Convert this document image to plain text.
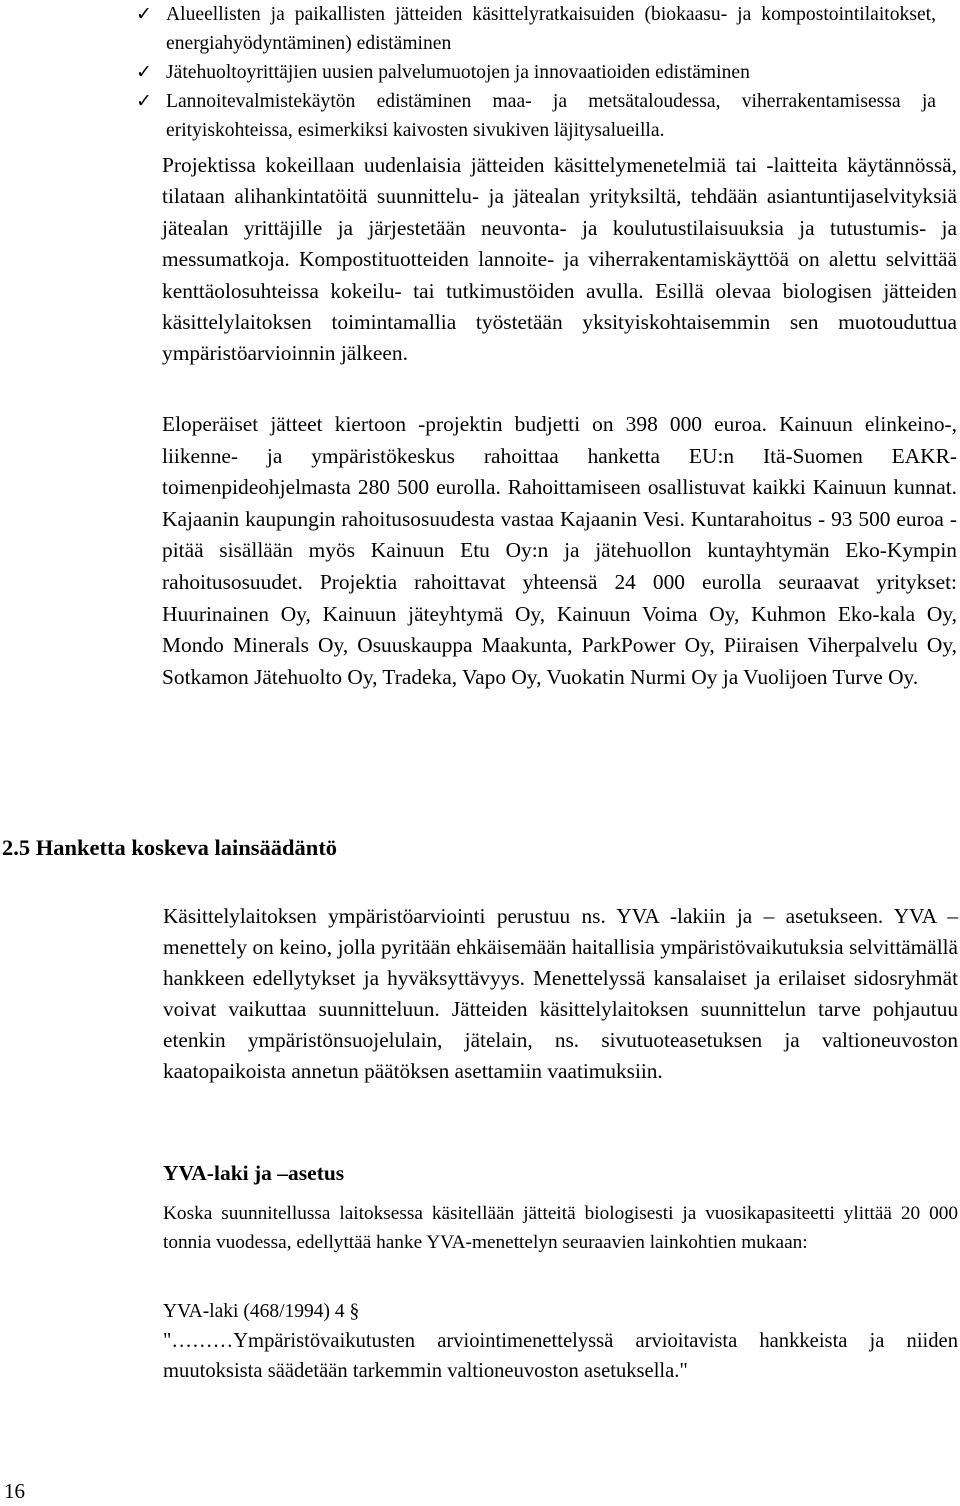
✓ Alueellisten ja paikallisten jätteiden käsittelyratkaisuiden (biokaasu- ja kompostointilaitokset, energiahyödyntäminen) edistäminen
✓ Jätehuoltoyrittäjien uusien palvelumuotojen ja innovaatioiden edistäminen
✓ Lannoitevalmistekäytön edistäminen maa- ja metsätaloudessa, viherrakentamisessa ja erityiskohteissa, esimerkiksi kaivosten sivukiven läjitysalueilla.
Projektissa kokeillaan uudenlaisia jätteiden käsittelymenetelmiä tai -laitteita käytännössä, tilataan alihankintatöitä suunnittelu- ja jätealan yrityksiltä, tehdään asiantuntijaselvityksiä jätealan yrittäjille ja järjestetään neuvonta- ja koulutustilaisuuksia ja tutustumis- ja messumatkoja. Kompostituotteiden lannoite- ja viherrakentamiskäyttöä on alettu selvittää kenttäolosuhteissa kokeilu- tai tutkimustöiden avulla. Esillä olevaa biologisen jätteiden käsittelylaitoksen toimintamallia työstetään yksityiskohtaisemmin sen muotouduttua ympäristöarvioinnin jälkeen.
Eloperäiset jätteet kiertoon -projektin budjetti on 398 000 euroa. Kainuun elinkeino-, liikenne- ja ympäristökeskus rahoittaa hanketta EU:n Itä-Suomen EAKR-toimenpideohjelmasta 280 500 eurolla. Rahoittamiseen osallistuvat kaikki Kainuun kunnat. Kajaanin kaupungin rahoitusosuudesta vastaa Kajaanin Vesi. Kuntarahoitus - 93 500 euroa - pitää sisällään myös Kainuun Etu Oy:n ja jätehuollon kuntayhtymän Eko-Kympin rahoitusosuudet. Projektia rahoittavat yhteensä 24 000 eurolla seuraavat yritykset: Huurinainen Oy, Kainuun jäteyhtymä Oy, Kainuun Voima Oy, Kuhmon Eko-kala Oy, Mondo Minerals Oy, Osuuskauppa Maakunta, ParkPower Oy, Piiraisen Viherpalvelu Oy, Sotkamon Jätehuolto Oy, Tradeka, Vapo Oy, Vuokatin Nurmi Oy ja Vuolijoen Turve Oy.
2.5 Hanketta koskeva lainsäädäntö
Käsittelylaitoksen ympäristöarviointi perustuu ns. YVA -lakiin ja – asetukseen. YVA –menettely on keino, jolla pyritään ehkäisemään haitallisia ympäristövaikutuksia selvittämällä hankkeen edellytykset ja hyväksyttävyys. Menettelyssä kansalaiset ja erilaiset sidosryhmät voivat vaikuttaa suunnitteluun. Jätteiden käsittelylaitoksen suunnittelun tarve pohjautuu etenkin ympäristönsuojelulain, jätelain, ns. sivutuoteasetuksen ja valtioneuvoston kaatopaikoista annetun päätöksen asettamiin vaatimuksiin.
YVA-laki ja –asetus
Koska suunnitellussa laitoksessa käsitellään jätteitä biologisesti ja vuosikapasiteetti ylittää 20 000 tonnia vuodessa, edellyttää hanke YVA-menettelyn seuraavien lainkohtien mukaan:
YVA-laki (468/1994) 4 §
"………Ympäristövaikutusten arviointimenettelyssä arvioitavista hankkeista ja niiden muutoksista säädetään tarkemmin valtioneuvoston asetuksella."
16
